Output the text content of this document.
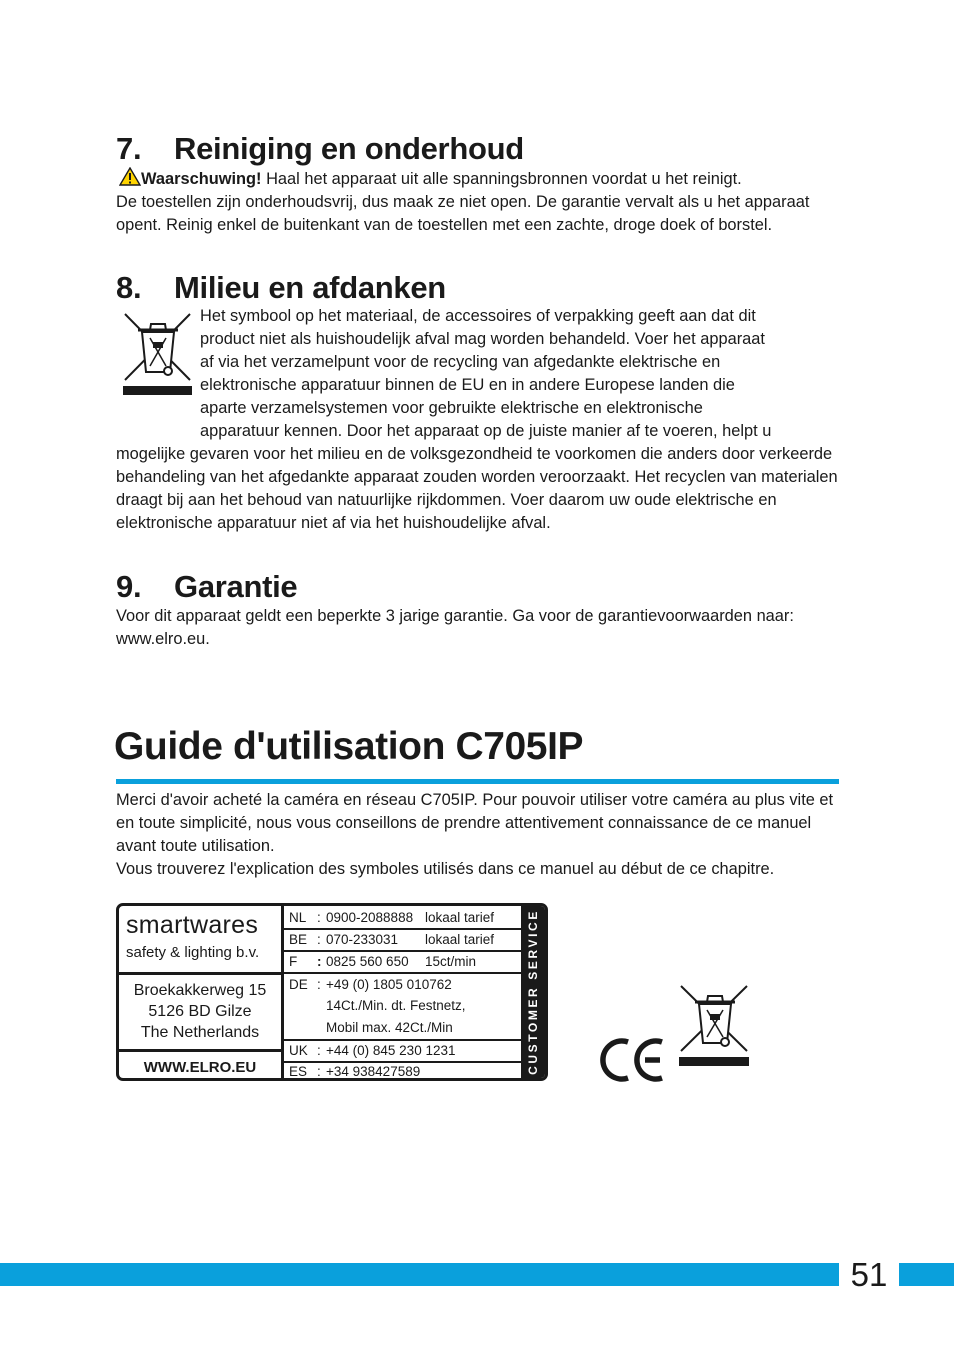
7. Reiniging en onderhoud
Waarschuwing! Haal het apparaat uit alle spanningsbronnen voordat u het reinigt.
De toestellen zijn onderhoudsvrij, dus maak ze niet open. De garantie vervalt als u het apparaat opent. Reinig enkel de buitenkant van de toestellen met een zachte, droge doek of borstel.
8. Milieu en afdanken
Het symbool op het materiaal, de accessoires of verpakking geeft aan dat dit
product niet als huishoudelijk afval mag worden behandeld. Voer het apparaat
af via het verzamelpunt voor de recycling van afgedankte elektrische en
elektronische apparatuur binnen de EU en in andere Europese landen die
aparte verzamelsystemen voor gebruikte elektrische en elektronische
apparatuur kennen. Door het apparaat op de juiste manier af te voeren, helpt u
mogelijke gevaren voor het milieu en de volksgezondheid te voorkomen die anders door verkeerde behandeling van het afgedankte apparaat zouden worden veroorzaakt. Het recyclen van materialen draagt bij aan het behoud van natuurlijke rijkdommen. Voer daarom uw oude elektrische en elektronische apparatuur niet af via het huishoudelijke afval.
9. Garantie
Voor dit apparaat geldt een beperkte 3 jarige garantie. Ga voor de garantievoorwaarden naar: www.elro.eu.
Guide d'utilisation C705IP
Merci d'avoir acheté la caméra en réseau C705IP. Pour pouvoir utiliser votre caméra au plus vite et en toute simplicité, nous vous conseillons de prendre attentivement connaissance de ce manuel avant toute utilisation.
Vous trouverez l'explication des symboles utilisés dans ce manuel au début de ce chapitre.
smartwares
safety & lighting b.v.
Broekakkerweg 15
5126 BD Gilze
The Netherlands
WWW.ELRO.EU
NL : 0900-2088888 lokaal tarief
BE : 070-233031 lokaal tarief
F : 0825 560 650 15ct/min
DE : +49 (0) 1805 010762
14Ct./Min. dt. Festnetz,
Mobil max. 42Ct./Min
UK : +44 (0) 845 230 1231
ES : +34 938427589	CUSTOMER SERVICE
51
